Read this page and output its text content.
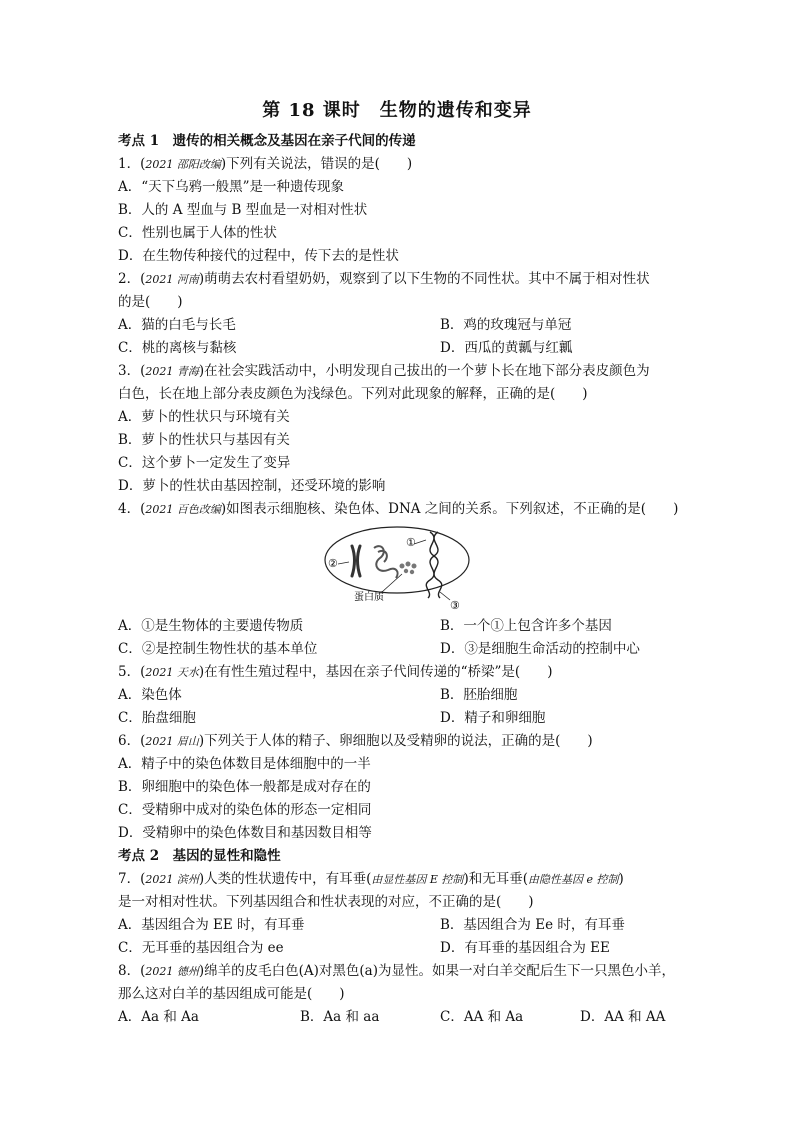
第 18 课时　生物的遗传和变异
考点 1　遗传的相关概念及基因在亲子代间的传递
1．(2021 邵阳改编)下列有关说法，错误的是(　　)
A．“天下乌鸦一般黑”是一种遗传现象
B．人的 A 型血与 B 型血是一对相对性状
C．性别也属于人体的性状
D．在生物传种接代的过程中，传下去的是性状
2．(2021 河南)萌萌去农村看望奶奶，观察到了以下生物的不同性状。其中不属于相对性状
的是(　　)
A．猫的白毛与长毛	B．鸡的玫瑰冠与单冠
C．桃的离核与黏核	D．西瓜的黄瓤与红瓤
3．(2021 青海)在社会实践活动中，小明发现自己拔出的一个萝卜长在地下部分表皮颜色为
白色，长在地上部分表皮颜色为浅绿色。下列对此现象的解释，正确的是(　　)
A．萝卜的性状只与环境有关
B．萝卜的性状只与基因有关
C．这个萝卜一定发生了变异
D．萝卜的性状由基因控制，还受环境的影响
4．(2021 百色改编)如图表示细胞核、染色体、DNA 之间的关系。下列叙述，不正确的是(　　)
①
②
蛋白质
③
A．①是生物体的主要遗传物质	B．一个①上包含许多个基因
C．②是控制生物性状的基本单位	D．③是细胞生命活动的控制中心
5．(2021 天水)在有性生殖过程中，基因在亲子代间传递的“桥梁”是(　　)
A．染色体	B．胚胎细胞
C．胎盘细胞	D．精子和卵细胞
6．(2021 眉山)下列关于人体的精子、卵细胞以及受精卵的说法，正确的是(　　)
A．精子中的染色体数目是体细胞中的一半
B．卵细胞中的染色体一般都是成对存在的
C．受精卵中成对的染色体的形态一定相同
D．受精卵中的染色体数目和基因数目相等
考点 2　基因的显性和隐性
7．(2021 滨州)人类的性状遗传中，有耳垂(由显性基因 E 控制)和无耳垂(由隐性基因 e 控制)
是一对相对性状。下列基因组合和性状表现的对应，不正确的是(　　)
A．基因组合为 EE 时，有耳垂	B．基因组合为 Ee 时，有耳垂
C．无耳垂的基因组合为 ee	D．有耳垂的基因组合为 EE
8．(2021 德州)绵羊的皮毛白色(A)对黑色(a)为显性。如果一对白羊交配后生下一只黑色小羊，
那么这对白羊的基因组成可能是(　　)
A．Aa 和 Aa	B．Aa 和 aa	C．AA 和 Aa	D．AA 和 AA
